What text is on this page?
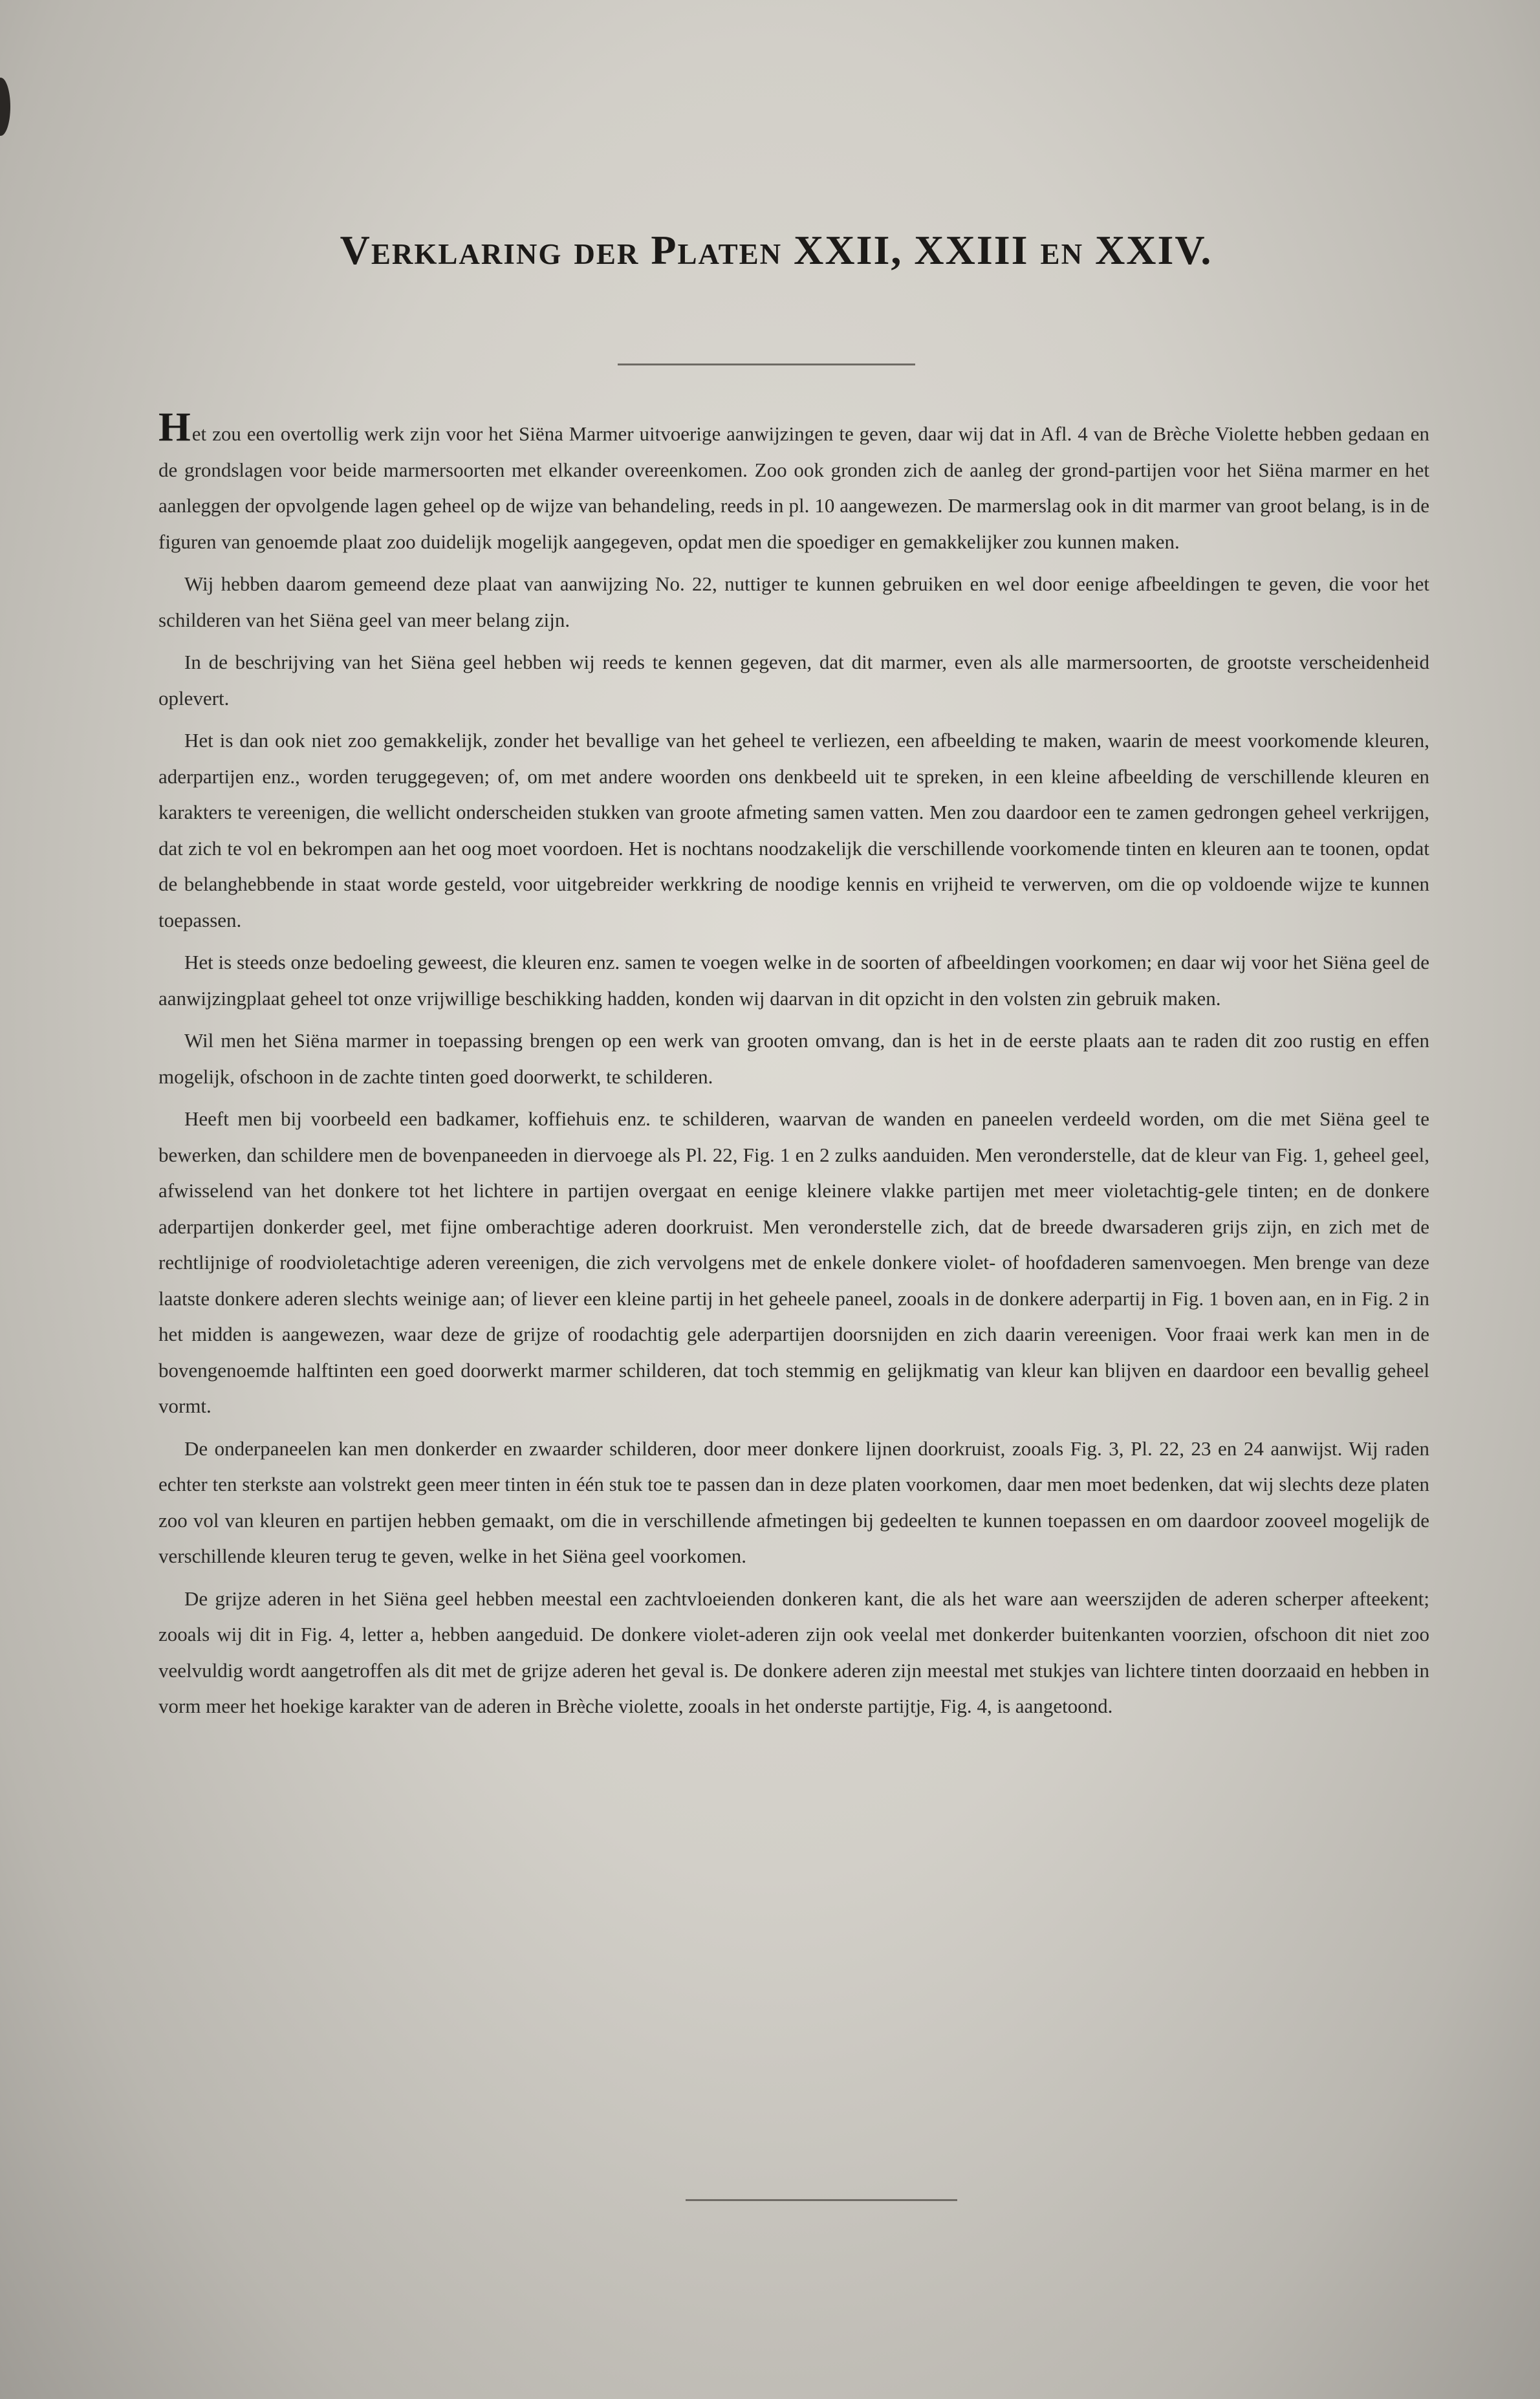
Verklaring der Platen XXII, XXIII en XXIV.

Het zou een overtollig werk zijn voor het Siëna Marmer uitvoerige aanwijzingen te geven, daar wij dat in Afl. 4 van de Brèche Violette hebben gedaan en de grondslagen voor beide marmersoorten met elkander overeenkomen. Zoo ook gronden zich de aanleg der grond-partijen voor het Siëna marmer en het aanleggen der opvolgende lagen geheel op de wijze van behandeling, reeds in pl. 10 aangewezen. De marmerslag ook in dit marmer van groot belang, is in de figuren van genoemde plaat zoo duidelijk mogelijk aangegeven, opdat men die spoediger en gemakkelijker zou kunnen maken.

Wij hebben daarom gemeend deze plaat van aanwijzing No. 22, nuttiger te kunnen gebruiken en wel door eenige afbeeldingen te geven, die voor het schilderen van het Siëna geel van meer belang zijn.

In de beschrijving van het Siëna geel hebben wij reeds te kennen gegeven, dat dit marmer, even als alle marmersoorten, de grootste verscheidenheid oplevert.

Het is dan ook niet zoo gemakkelijk, zonder het bevallige van het geheel te verliezen, een afbeelding te maken, waarin de meest voorkomende kleuren, aderpartijen enz., worden teruggegeven; of, om met andere woorden ons denkbeeld uit te spreken, in een kleine afbeelding de verschillende kleuren en karakters te vereenigen, die wellicht onderscheiden stukken van groote afmeting samen vatten. Men zou daardoor een te zamen gedrongen geheel verkrijgen, dat zich te vol en bekrompen aan het oog moet voordoen. Het is nochtans noodzakelijk die verschillende voorkomende tinten en kleuren aan te toonen, opdat de belanghebbende in staat worde gesteld, voor uitgebreider werkkring de noodige kennis en vrijheid te verwerven, om die op voldoende wijze te kunnen toepassen.

Het is steeds onze bedoeling geweest, die kleuren enz. samen te voegen welke in de soorten of afbeeldingen voorkomen; en daar wij voor het Siëna geel de aanwijzingplaat geheel tot onze vrijwillige beschikking hadden, konden wij daarvan in dit opzicht in den volsten zin gebruik maken.

Wil men het Siëna marmer in toepassing brengen op een werk van grooten omvang, dan is het in de eerste plaats aan te raden dit zoo rustig en effen mogelijk, ofschoon in de zachte tinten goed doorwerkt, te schilderen.

Heeft men bij voorbeeld een badkamer, koffiehuis enz. te schilderen, waarvan de wanden en paneelen verdeeld worden, om die met Siëna geel te bewerken, dan schildere men de bovenpaneeden in diervoege als Pl. 22, Fig. 1 en 2 zulks aanduiden. Men veronderstelle, dat de kleur van Fig. 1, geheel geel, afwisselend van het donkere tot het lichtere in partijen overgaat en eenige kleinere vlakke partijen met meer violetachtig-gele tinten; en de donkere aderpartijen donkerder geel, met fijne omberachtige aderen doorkruist. Men veronderstelle zich, dat de breede dwarsaderen grijs zijn, en zich met de rechtlijnige of roodvioletachtige aderen vereenigen, die zich vervolgens met de enkele donkere violet- of hoofdaderen samenvoegen. Men brenge van deze laatste donkere aderen slechts weinige aan; of liever een kleine partij in het geheele paneel, zooals in de donkere aderpartij in Fig. 1 boven aan, en in Fig. 2 in het midden is aangewezen, waar deze de grijze of roodachtig gele aderpartijen doorsnijden en zich daarin vereenigen. Voor fraai werk kan men in de bovengenoemde halftinten een goed doorwerkt marmer schilderen, dat toch stemmig en gelijkmatig van kleur kan blijven en daardoor een bevallig geheel vormt.

De onderpaneelen kan men donkerder en zwaarder schilderen, door meer donkere lijnen doorkruist, zooals Fig. 3, Pl. 22, 23 en 24 aanwijst. Wij raden echter ten sterkste aan volstrekt geen meer tinten in één stuk toe te passen dan in deze platen voorkomen, daar men moet bedenken, dat wij slechts deze platen zoo vol van kleuren en partijen hebben gemaakt, om die in verschillende afmetingen bij gedeelten te kunnen toepassen en om daardoor zooveel mogelijk de verschillende kleuren terug te geven, welke in het Siëna geel voorkomen.

De grijze aderen in het Siëna geel hebben meestal een zachtvloeienden donkeren kant, die als het ware aan weerszijden de aderen scherper afteekent; zooals wij dit in Fig. 4, letter a, hebben aangeduid. De donkere violet-aderen zijn ook veelal met donkerder buitenkanten voorzien, ofschoon dit niet zoo veelvuldig wordt aangetroffen als dit met de grijze aderen het geval is. De donkere aderen zijn meestal met stukjes van lichtere tinten doorzaaid en hebben in vorm meer het hoekige karakter van de aderen in Brèche violette, zooals in het onderste partijtje, Fig. 4, is aangetoond.
